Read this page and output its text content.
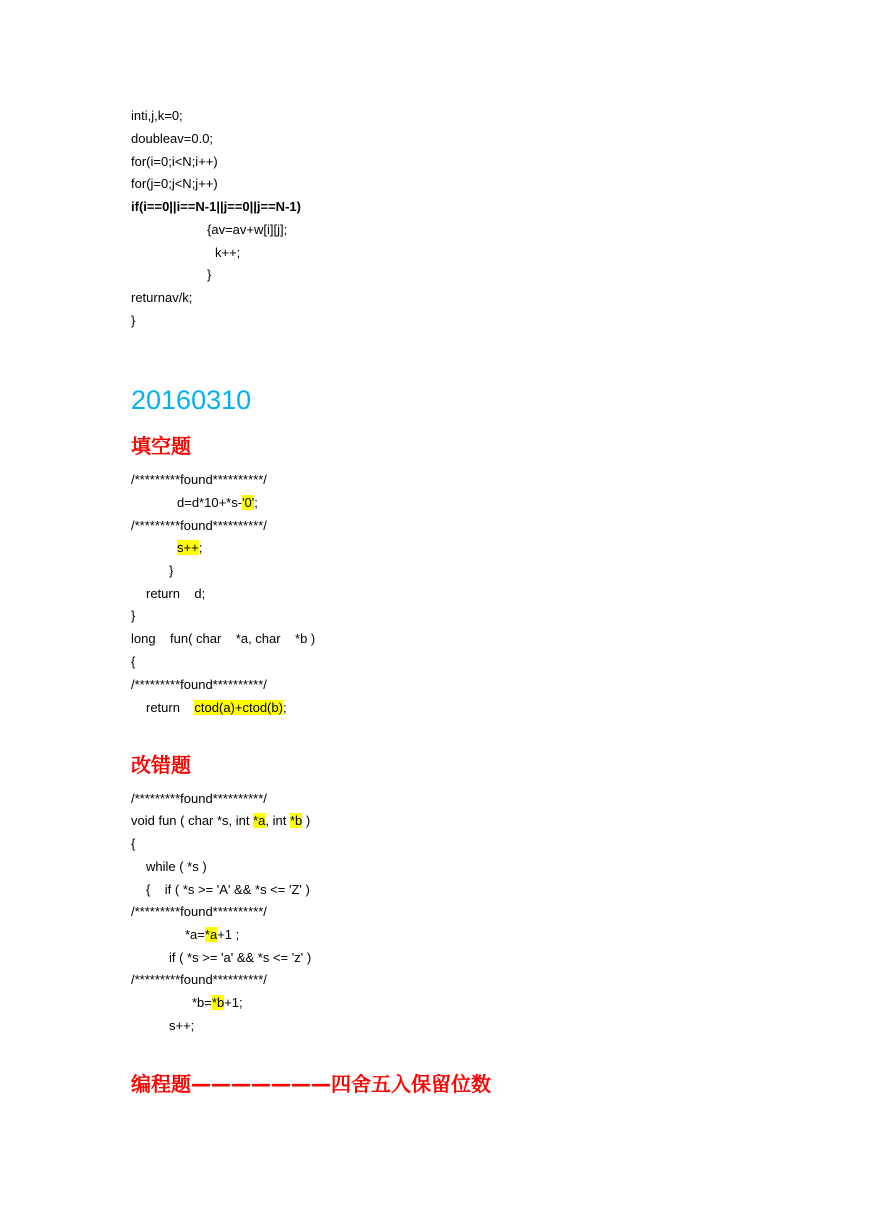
inti,j,k=0;
doubleav=0.0;
for(i=0;i<N;i++)
for(j=0;j<N;j++)
if(i==0||i==N-1||j==0||j==N-1)
{av=av+w[i][j];
k++;
}
returnav/k;
}
20160310
填空题
/*********found**********/
d=d*10+*s-'0';
/*********found**********/
s++;
}
return    d;
}
long    fun( char    *a, char    *b )
{
/*********found**********/
return    ctod(a)+ctod(b);
改错题
/*********found**********/
void fun ( char *s, int *a, int *b )
{
while ( *s )
{    if ( *s >= 'A' && *s <= 'Z' )
/*********found**********/
*a=*a+1 ;
if ( *s >= 'a' && *s <= 'z' )
/*********found**********/
*b=*b+1;
s++;
编程题———————四舍五入保留位数
